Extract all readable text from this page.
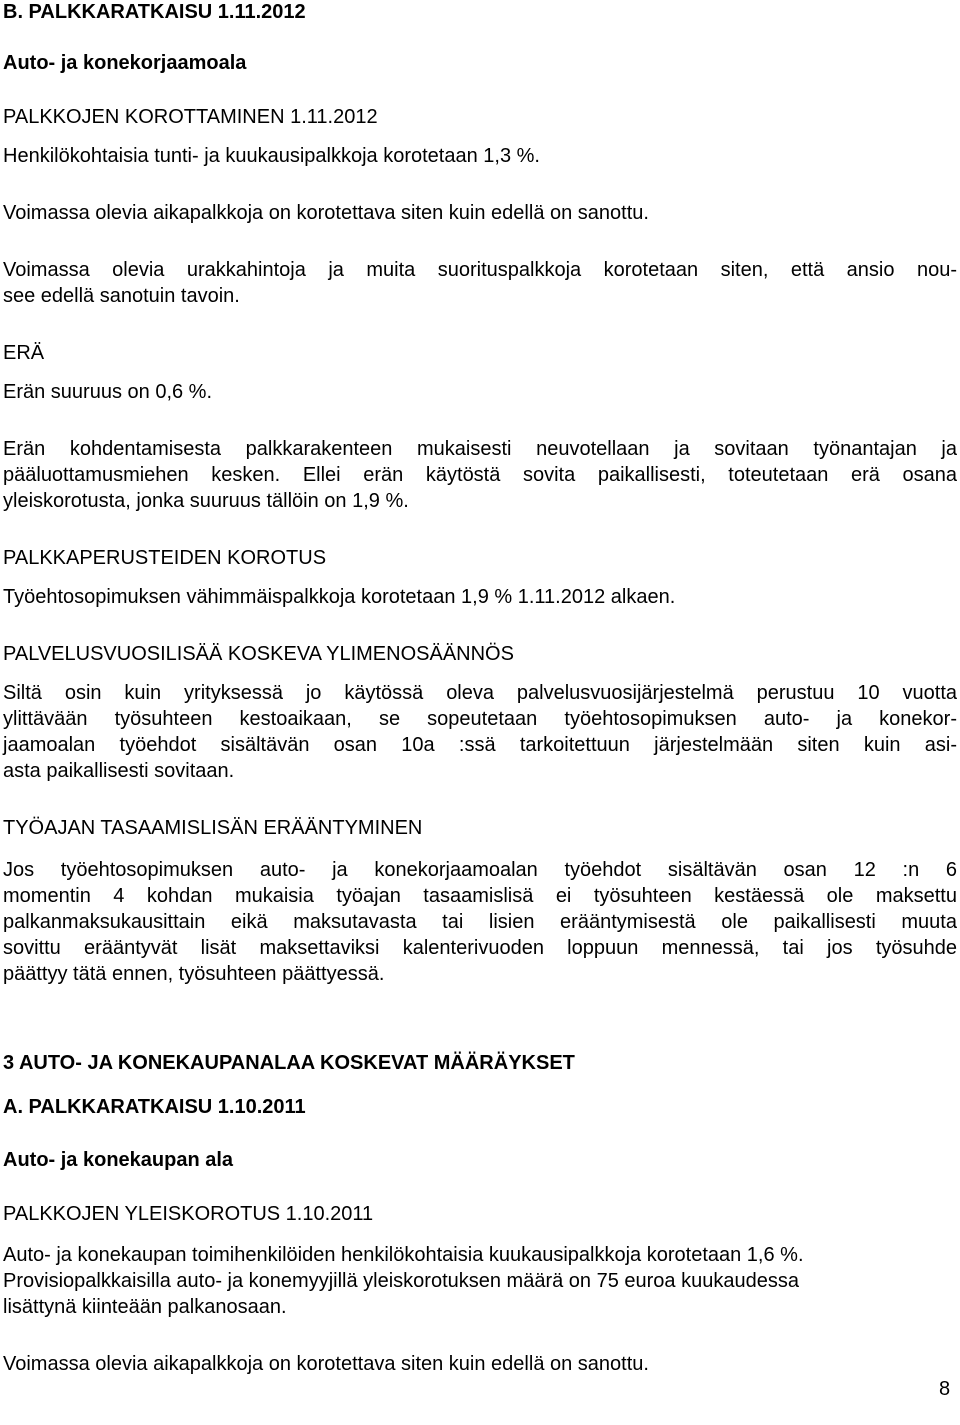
B. PALKKARATKAISU 1.11.2012

Auto- ja konekorjaamoala

PALKKOJEN KOROTTAMINEN 1.11.2012

Henkilökohtaisia tunti- ja kuukausipalkkoja korotetaan 1,3 %.

Voimassa olevia aikapalkkoja on korotettava siten kuin edellä on sanottu.

Voimassa olevia urakkahintoja ja muita suorituspalkkoja korotetaan siten, että ansio nou-

see edellä sanotuin tavoin.

ERÄ

Erän suuruus on 0,6 %.

Erän kohdentamisesta palkkarakenteen mukaisesti neuvotellaan ja sovitaan työnantajan ja

pääluottamusmiehen kesken. Ellei erän käytöstä sovita paikallisesti, toteutetaan erä osana

yleiskorotusta, jonka suuruus tällöin on 1,9 %.

PALKKAPERUSTEIDEN KOROTUS

Työehtosopimuksen vähimmäispalkkoja korotetaan 1,9 % 1.11.2012 alkaen.

PALVELUSVUOSILISÄÄ KOSKEVA YLIMENOSÄÄNNÖS

Siltä osin kuin yrityksessä jo käytössä oleva palvelusvuosijärjestelmä perustuu 10 vuotta

ylittävään työsuhteen kestoaikaan, se sopeutetaan työehtosopimuksen auto- ja konekor-

jaamoalan työehdot sisältävän osan 10a :ssä tarkoitettuun järjestelmään siten kuin asi-

asta paikallisesti sovitaan.

TYÖAJAN TASAAMISLISÄN ERÄÄNTYMINEN

Jos työehtosopimuksen auto- ja konekorjaamoalan työehdot sisältävän osan 12 :n 6

momentin 4 kohdan mukaisia työajan tasaamislisä ei työsuhteen kestäessä ole maksettu

palkanmaksukausittain eikä maksutavasta tai lisien erääntymisestä ole paikallisesti muuta

sovittu erääntyvät lisät maksettaviksi kalenterivuoden loppuun mennessä, tai jos työsuhde

päättyy tätä ennen, työsuhteen päättyessä.

3 AUTO- JA KONEKAUPANALAA KOSKEVAT MÄÄRÄYKSET

A. PALKKARATKAISU 1.10.2011

Auto- ja konekaupan ala

PALKKOJEN YLEISKOROTUS 1.10.2011

Auto- ja konekaupan toimihenkilöiden henkilökohtaisia kuukausipalkkoja korotetaan 1,6 %.

Provisiopalkkaisilla auto- ja konemyyjillä yleiskorotuksen määrä on 75 euroa kuukaudessa

lisättynä kiinteään palkanosaan.

Voimassa olevia aikapalkkoja on korotettava siten kuin edellä on sanottu.

8
